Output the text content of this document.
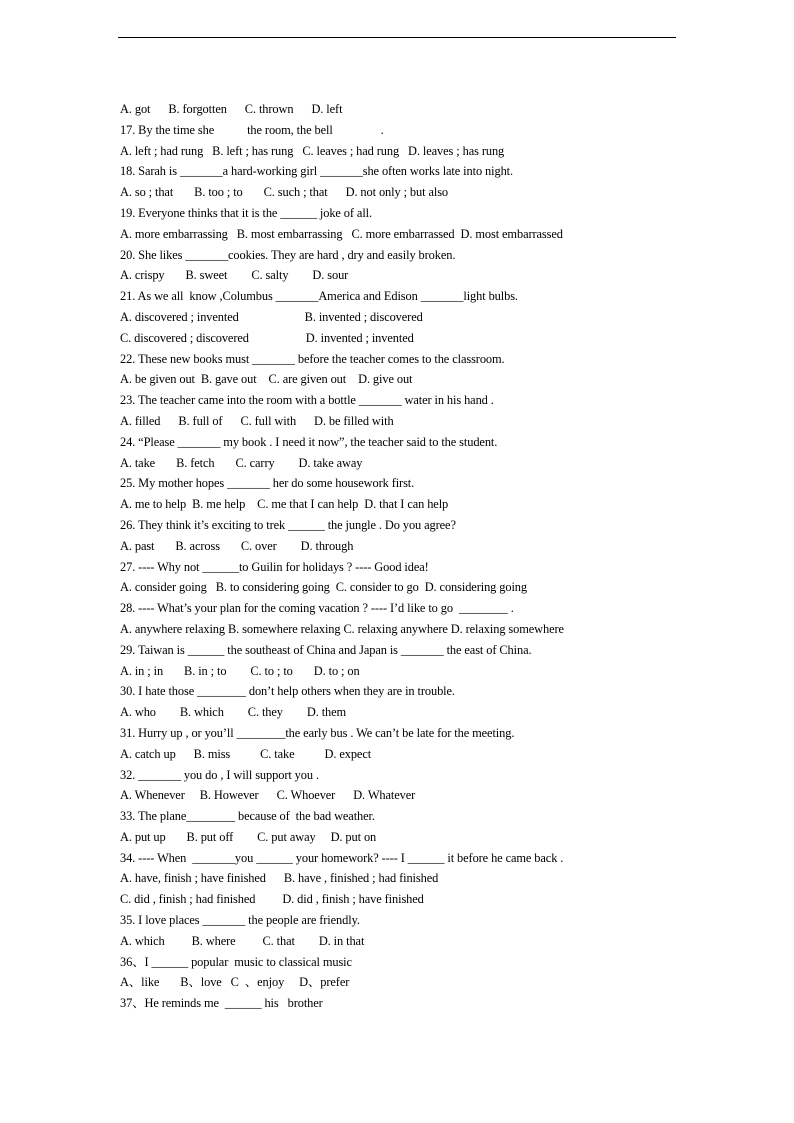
A. got      B. forgotten      C. thrown      D. left
17. By the time she           the room, the bell                .
A. left ; had rung   B. left ; has rung   C. leaves ; had rung   D. leaves ; has rung
18. Sarah is _______a hard-working girl _______she often works late into night.
A. so ; that       B. too ; to       C. such ; that      D. not only ; but also
19. Everyone thinks that it is the ______ joke of all.
A. more embarrassing   B. most embarrassing   C. more embarrassed  D. most embarrassed
20. She likes _______cookies. They are hard , dry and easily broken.
A. crispy       B. sweet        C. salty        D. sour
21. As we all  know ,Columbus _______America and Edison _______light bulbs.
A. discovered ; invented                      B. invented ; discovered
C. discovered ; discovered                   D. invented ; invented
22. These new books must _______ before the teacher comes to the classroom.
A. be given out  B. gave out    C. are given out    D. give out
23. The teacher came into the room with a bottle _______ water in his hand .
A. filled      B. full of      C. full with      D. be filled with
24. “Please _______ my book . I need it now”, the teacher said to the student.
A. take       B. fetch       C. carry        D. take away
25. My mother hopes _______ her do some housework first.
A. me to help  B. me help    C. me that I can help  D. that I can help
26. They think it’s exciting to trek ______ the jungle . Do you agree?
A. past       B. across       C. over        D. through
27. ---- Why not ______to Guilin for holidays ? ---- Good idea!
A. consider going   B. to considering going  C. consider to go  D. considering going
28. ---- What’s your plan for the coming vacation ? ---- I’d like to go  ________ .
A. anywhere relaxing B. somewhere relaxing C. relaxing anywhere D. relaxing somewhere
29. Taiwan is ______ the southeast of China and Japan is _______ the east of China.
A. in ; in       B. in ; to        C. to ; to       D. to ; on
30. I hate those ________ don’t help others when they are in trouble.
A. who        B. which        C. they        D. them
31. Hurry up , or you’ll ________the early bus . We can’t be late for the meeting.
A. catch up      B. miss          C. take          D. expect
32. _______ you do , I will support you .
A. Whenever     B. However      C. Whoever      D. Whatever
33. The plane________ because of  the bad weather.
A. put up       B. put off        C. put away     D. put on
34. ---- When  _______you ______ your homework? ---- I ______ it before he came back .
A. have, finish ; have finished      B. have , finished ; had finished
C. did , finish ; had finished         D. did , finish ; have finished
35. I love places _______ the people are friendly.
A. which         B. where         C. that        D. in that
36、I ______ popular  music to classical music
A、like       B、love   C  、enjoy     D、prefer
37、He reminds me  ______ his   brother
